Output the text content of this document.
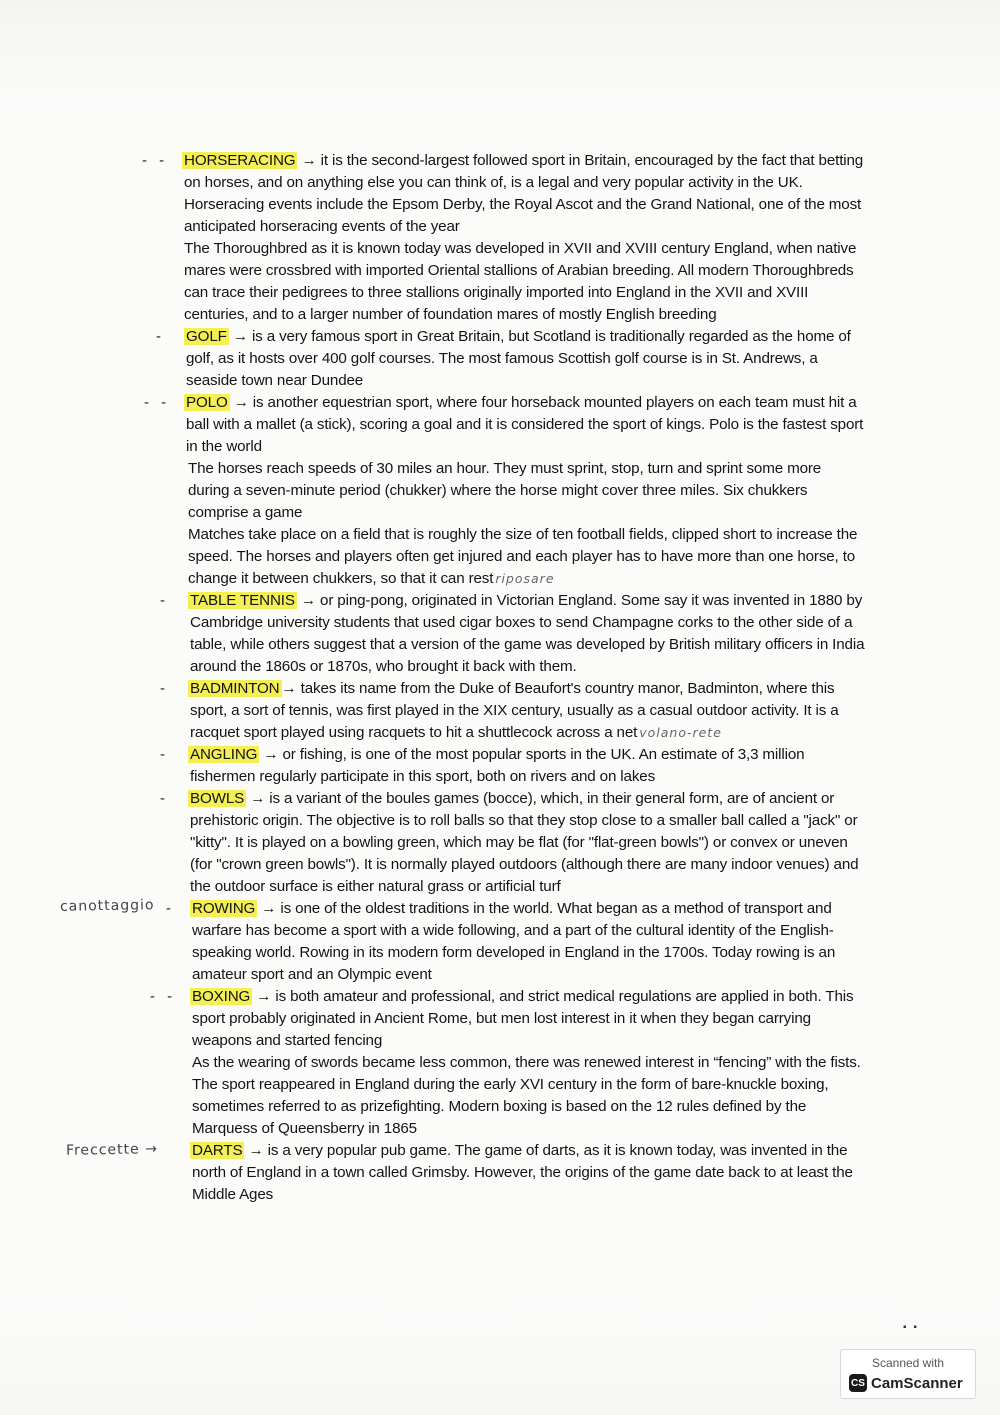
- - HORSERACING → it is the second-largest followed sport in Britain, encouraged by the fact that betting on horses, and on anything else you can think of, is a legal and very popular activity in the UK. Horseracing events include the Epsom Derby, the Royal Ascot and the Grand National, one of the most anticipated horseracing events of the year

The Thoroughbred as it is known today was developed in XVII and XVIII century England, when native mares were crossbred with imported Oriental stallions of Arabian breeding. All modern Thoroughbreds can trace their pedigrees to three stallions originally imported into England in the XVII and XVIII centuries, and to a larger number of foundation mares of mostly English breeding

- GOLF → is a very famous sport in Great Britain, but Scotland is traditionally regarded as the home of golf, as it hosts over 400 golf courses. The most famous Scottish golf course is in St. Andrews, a seaside town near Dundee

- - POLO → is another equestrian sport, where four horseback mounted players on each team must hit a ball with a mallet (a stick), scoring a goal and it is considered the sport of kings. Polo is the fastest sport in the world

The horses reach speeds of 30 miles an hour. They must sprint, stop, turn and sprint some more during a seven-minute period (chukker) where the horse might cover three miles. Six chukkers comprise a game

Matches take place on a field that is roughly the size of ten football fields, clipped short to increase the speed. The horses and players often get injured and each player has to have more than one horse, to change it between chukkers, so that it can rest riposare

- TABLE TENNIS → or ping-pong, originated in Victorian England. Some say it was invented in 1880 by Cambridge university students that used cigar boxes to send Champagne corks to the other side of a table, while others suggest that a version of the game was developed by British military officers in India around the 1860s or 1870s, who brought it back with them.

- BADMINTON → takes its name from the Duke of Beaufort's country manor, Badminton, where this sport, a sort of tennis, was first played in the XIX century, usually as a casual outdoor activity. It is a racquet sport played using racquets to hit a shuttlecock across a net volano-rete

- ANGLING → or fishing, is one of the most popular sports in the UK. An estimate of 3,3 million fishermen regularly participate in this sport, both on rivers and on lakes

- BOWLS → is a variant of the boules games (bocce), which, in their general form, are of ancient or prehistoric origin. The objective is to roll balls so that they stop close to a smaller ball called a "jack" or "kitty". It is played on a bowling green, which may be flat (for "flat-green bowls") or convex or uneven (for "crown green bowls"). It is normally played outdoors (although there are many indoor venues) and the outdoor surface is either natural grass or artificial turf

canottaggio - ROWING → is one of the oldest traditions in the world. What began as a method of transport and warfare has become a sport with a wide following, and a part of the cultural identity of the English-speaking world. Rowing in its modern form developed in England in the 1700s. Today rowing is an amateur sport and an Olympic event

- - BOXING → is both amateur and professional, and strict medical regulations are applied in both. This sport probably originated in Ancient Rome, but men lost interest in it when they began carrying weapons and started fencing

As the wearing of swords became less common, there was renewed interest in “fencing” with the fists. The sport reappeared in England during the early XVI century in the form of bare-knuckle boxing, sometimes referred to as prizefighting. Modern boxing is based on the 12 rules defined by the Marquess of Queensberry in 1865

Freccette → DARTS → is a very popular pub game. The game of darts, as it is known today, was invented in the north of England in a town called Grimsby. However, the origins of the game date back to at least the Middle Ages

▪ ▪
Scanned with
CS CamScanner
